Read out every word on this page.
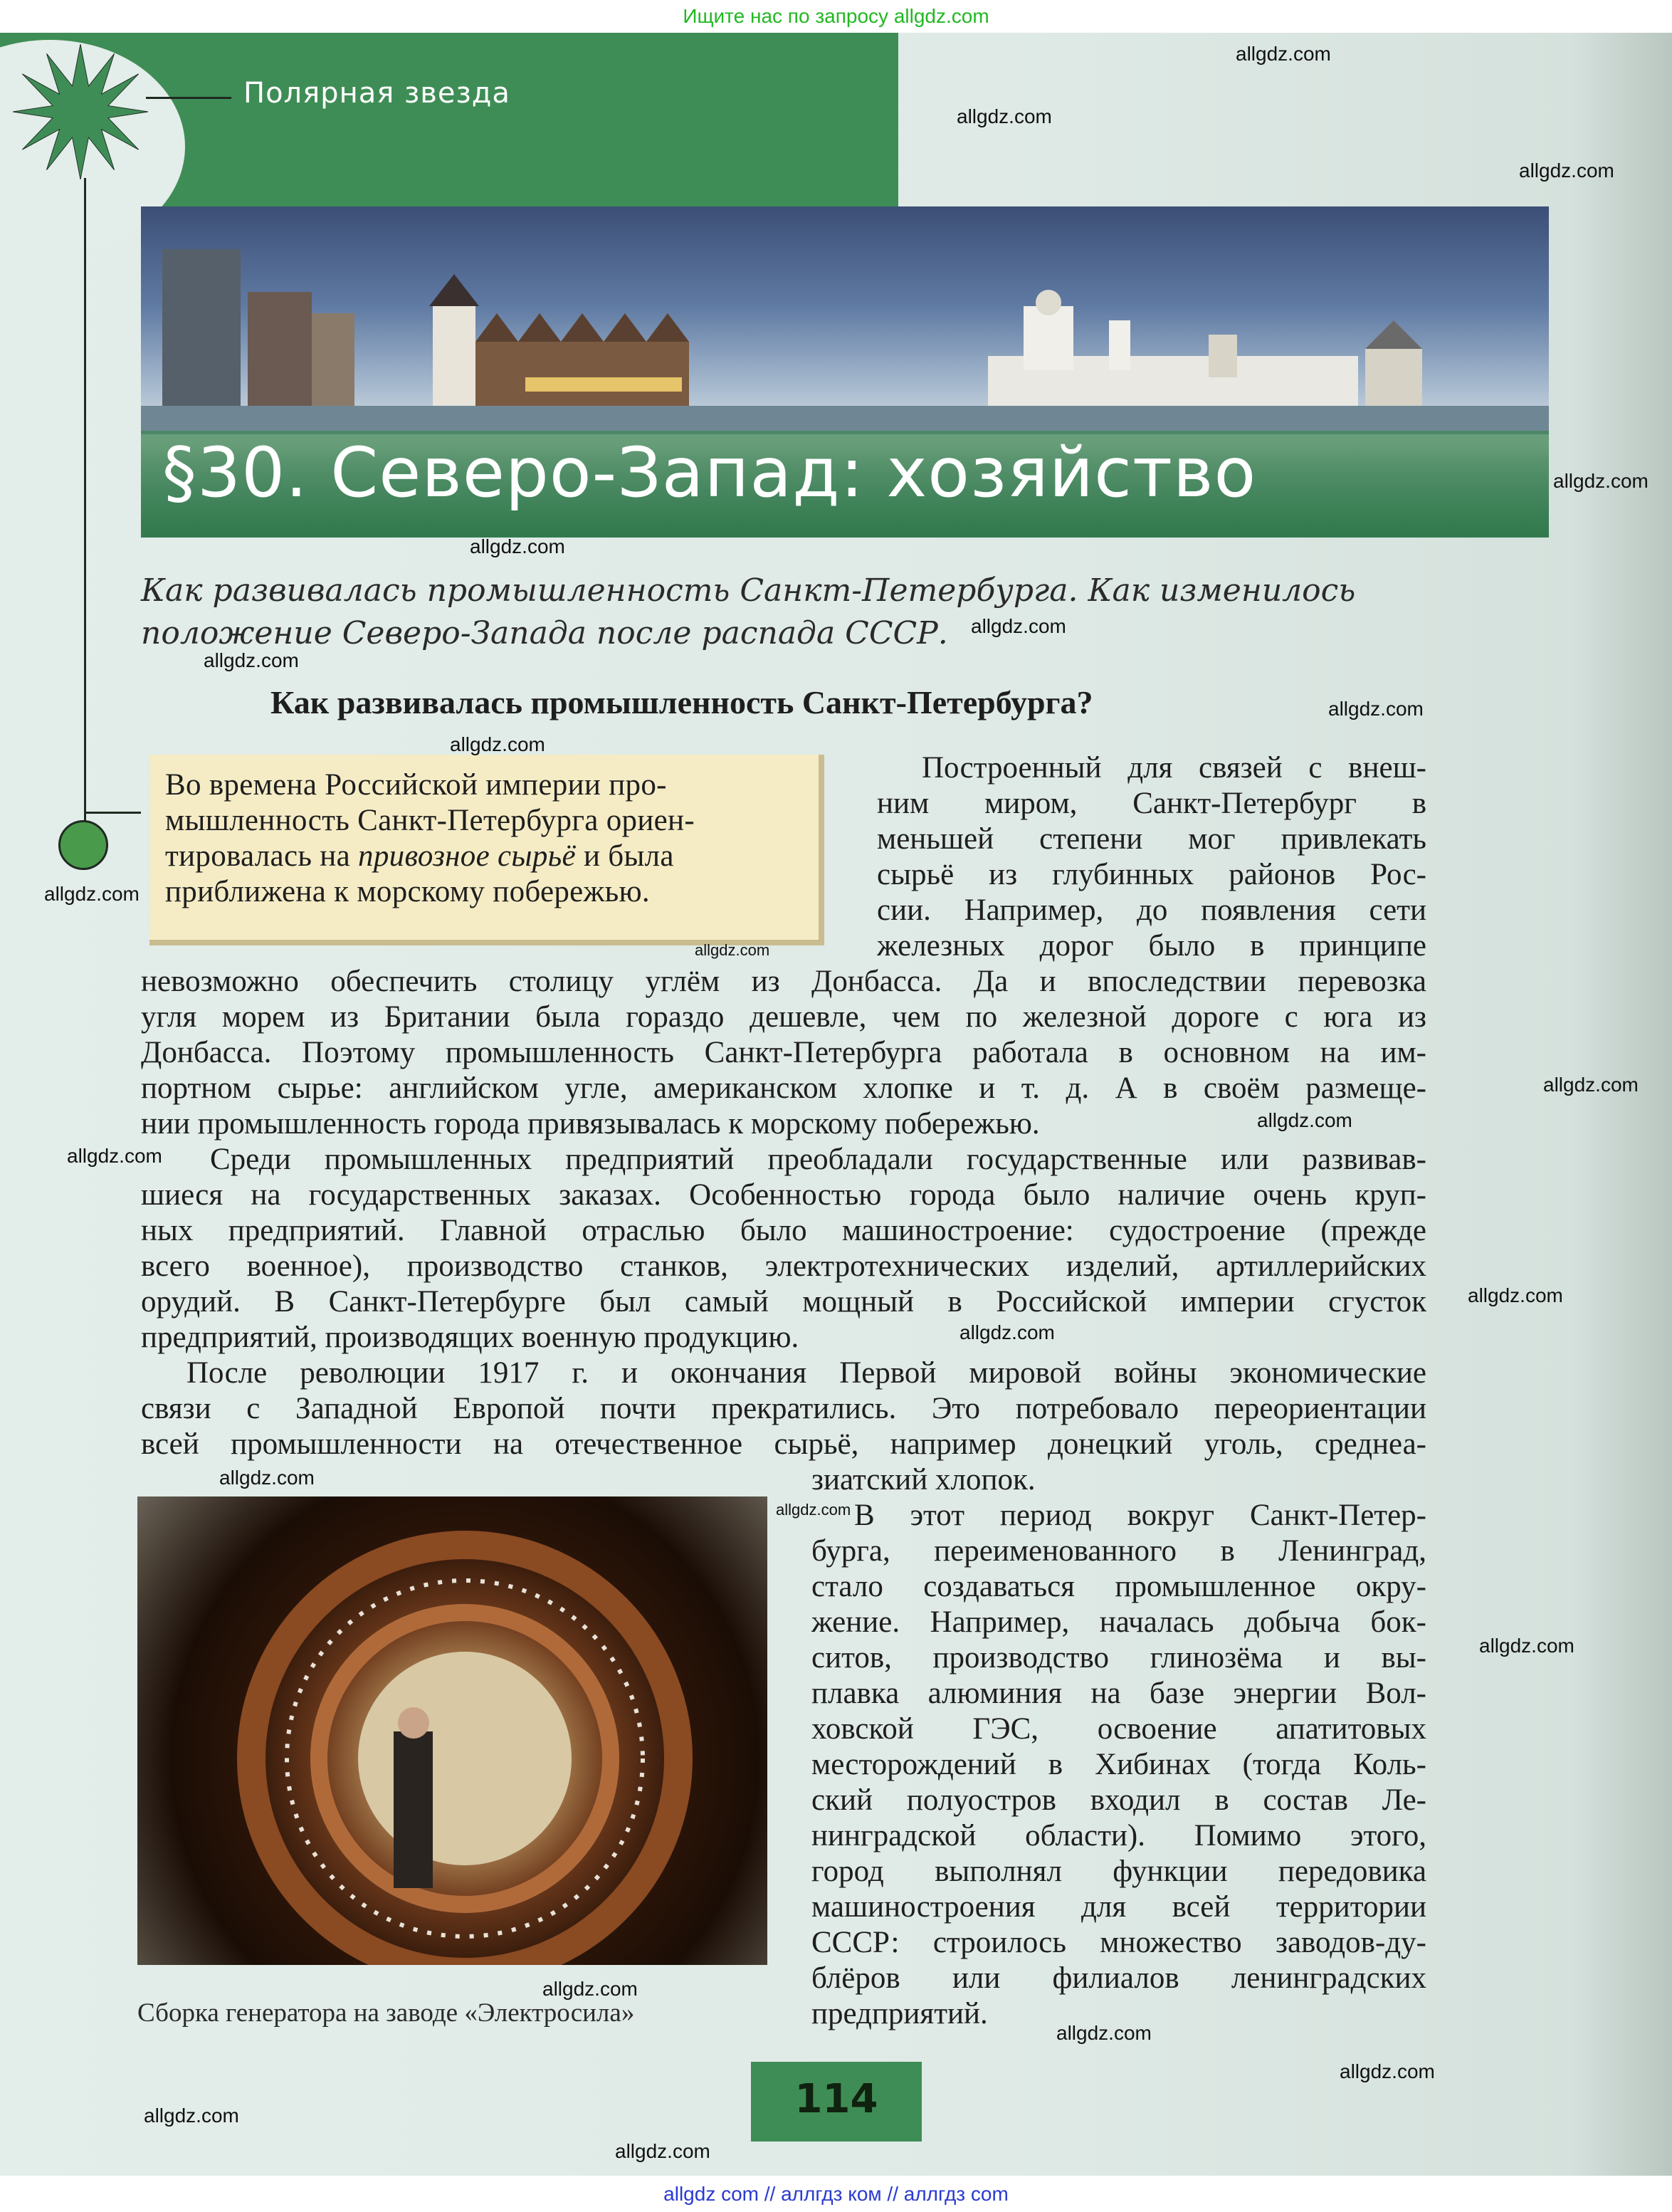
Ищите нас по запросу allgdz.com
Полярная звезда
§30. Северо-Запад: хозяйство
Как развивалась промышленность Санкт-Петербурга. Как изменилось
положение Северо-Запада после распада СССР.
Как развивалась промышленность Санкт-Петербурга?
Во времена Российской империи про-
мышленность Санкт-Петербурга ориен-
тировалась на привозное сырьё и была
приближена к морскому побережью.
Построенный для связей с внеш-
ним миром, Санкт-Петербург в
меньшей степени мог привлекать
сырьё из глубинных районов Рос-
сии. Например, до появления сети
железных дорог было в принципе
невозможно обеспечить столицу углём из Донбасса. Да и впоследствии перевозка
угля морем из Британии была гораздо дешевле, чем по железной дороге с юга из
Донбасса. Поэтому промышленность Санкт-Петербурга работала в основном на им-
портном сырье: английском угле, американском хлопке и т. д. А в своём размеще-
нии промышленность города привязывалась к морскому побережью.
Среди промышленных предприятий преобладали государственные или развивав-
шиеся на государственных заказах. Особенностью города было наличие очень круп-
ных предприятий. Главной отраслью было машиностроение: судостроение (прежде
всего военное), производство станков, электротехнических изделий, артиллерийских
орудий. В Санкт-Петербурге был самый мощный в Российской империи сгусток
предприятий, производящих военную продукцию.
После революции 1917 г. и окончания Первой мировой войны экономические
связи с Западной Европой почти прекратились. Это потребовало переориентации
всей промышленности на отечественное сырьё, например донецкий уголь, среднеа-
зиатский хлопок.
В этот период вокруг Санкт-Петер-
бурга, переименованного в Ленинград,
стало создаваться промышленное окру-
жение. Например, началась добыча бок-
ситов, производство глинозёма и вы-
плавка алюминия на базе энергии Вол-
ховской ГЭС, освоение апатитовых
месторождений в Хибинах (тогда Коль-
ский полуостров входил в состав Ле-
нинградской области). Помимо этого,
город выполнял функции передовика
машиностроения для всей территории
СССР: строилось множество заводов-ду-
блёров или филиалов ленинградских
предприятий.
Сборка генератора на заводе «Электросила»
114
allgdz.com
allgdz.com
allgdz.com
allgdz.com
allgdz.com
allgdz.com
allgdz.com
allgdz.com
allgdz.com
allgdz.com
allgdz.com
allgdz.com
allgdz.com
allgdz.com
allgdz.com
allgdz.com
allgdz.com
allgdz.com
allgdz.com
allgdz.com
allgdz.com
allgdz.com
allgdz.com
allgdz.com
allgdz com // аллгдз ком // аллгдз com
